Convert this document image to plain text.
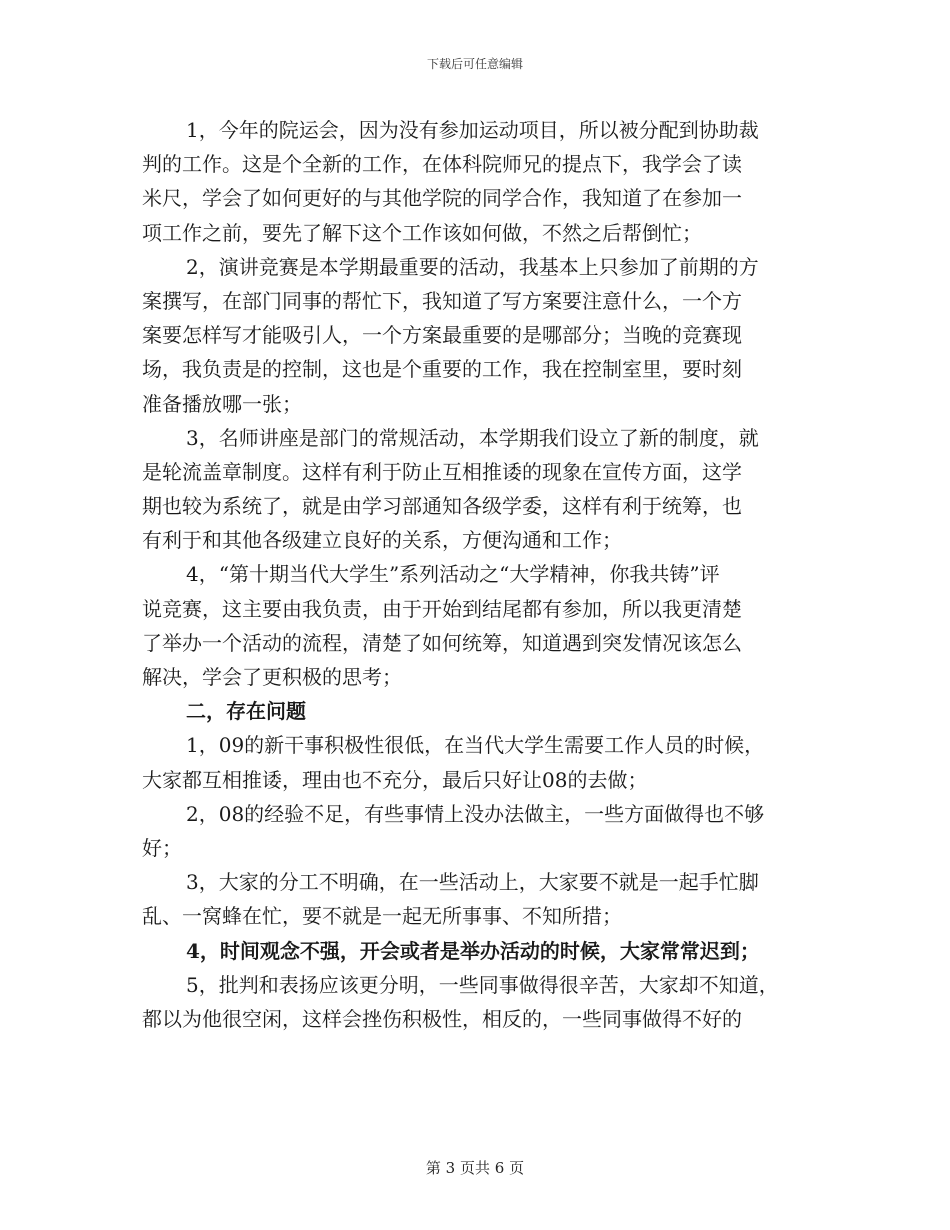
下载后可任意编辑
1，今年的院运会，因为没有参加运动项目，所以被分配到协助裁
判的工作。这是个全新的工作，在体科院师兄的提点下，我学会了读
米尺，学会了如何更好的与其他学院的同学合作，我知道了在参加一
项工作之前，要先了解下这个工作该如何做，不然之后帮倒忙；
2，演讲竞赛是本学期最重要的活动，我基本上只参加了前期的方
案撰写，在部门同事的帮忙下，我知道了写方案要注意什么，一个方
案要怎样写才能吸引人，一个方案最重要的是哪部分；当晚的竞赛现
场，我负责是的控制，这也是个重要的工作，我在控制室里，要时刻
准备播放哪一张；
3，名师讲座是部门的常规活动，本学期我们设立了新的制度，就
是轮流盖章制度。这样有利于防止互相推诿的现象在宣传方面，这学
期也较为系统了，就是由学习部通知各级学委，这样有利于统筹，也
有利于和其他各级建立良好的关系，方便沟通和工作；
4，“第十期当代大学生”系列活动之“大学精神，你我共铸”评
说竞赛，这主要由我负责，由于开始到结尾都有参加，所以我更清楚
了举办一个活动的流程，清楚了如何统筹，知道遇到突发情况该怎么
解决，学会了更积极的思考；
二，存在问题
1，09的新干事积极性很低，在当代大学生需要工作人员的时候，
大家都互相推诿，理由也不充分，最后只好让08的去做；
2，08的经验不足，有些事情上没办法做主，一些方面做得也不够
好；
3，大家的分工不明确，在一些活动上，大家要不就是一起手忙脚
乱、一窝蜂在忙，要不就是一起无所事事、不知所措；
4，时间观念不强，开会或者是举办活动的时候，大家常常迟到；
5，批判和表扬应该更分明，一些同事做得很辛苦，大家却不知道，
都以为他很空闲，这样会挫伤积极性，相反的，一些同事做得不好的
第 3 页共 6 页
